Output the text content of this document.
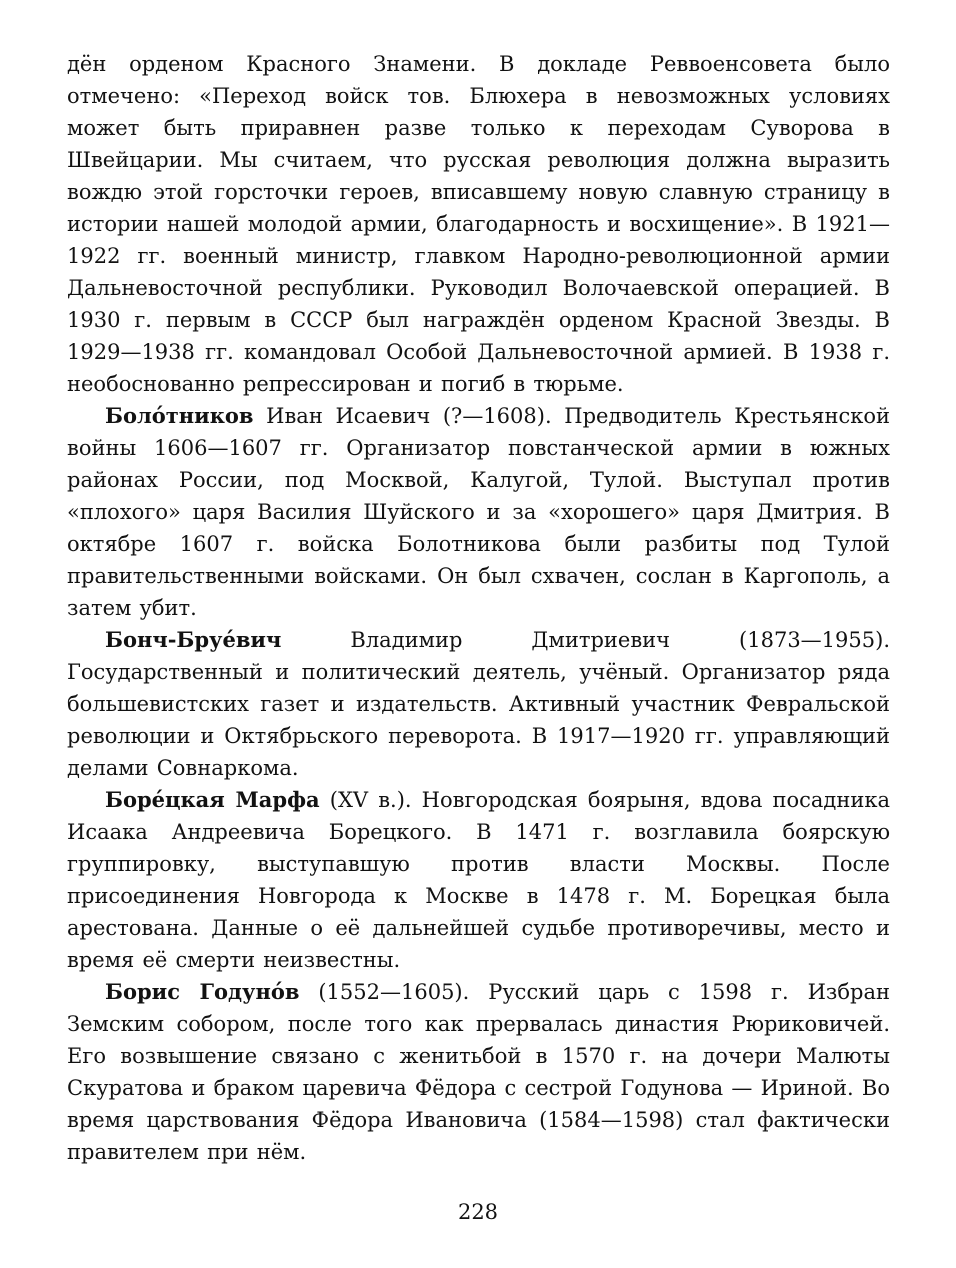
дён орденом Красного Знамени. В докладе Реввоенсовета было отмечено: «Переход войск тов. Блюхера в невозможных условиях может быть приравнен разве только к переходам Суворова в Швейцарии. Мы считаем, что русская революция должна выразить вождю этой горсточки героев, вписавшему новую славную страницу в истории нашей молодой армии, благодарность и восхищение». В 1921—1922 гг. военный министр, главком Народно-революционной армии Дальневосточной республики. Руководил Волочаевской операцией. В 1930 г. первым в СССР был награждён орденом Красной Звезды. В 1929—1938 гг. командовал Особой Дальневосточной армией. В 1938 г. необоснованно репрессирован и погиб в тюрьме.

Боло́тников Иван Исаевич (?—1608). Предводитель Крестьянской войны 1606—1607 гг. Организатор повстанческой армии в южных районах России, под Москвой, Калугой, Тулой. Выступал против «плохого» царя Василия Шуйского и за «хорошего» царя Дмитрия. В октябре 1607 г. войска Болотникова были разбиты под Тулой правительственными войсками. Он был схвачен, сослан в Каргополь, а затем убит.

Бонч-Бруе́вич Владимир Дмитриевич (1873—1955). Государственный и политический деятель, учёный. Организатор ряда большевистских газет и издательств. Активный участник Февральской революции и Октябрьского переворота. В 1917—1920 гг. управляющий делами Совнаркома.

Боре́цкая Марфа (XV в.). Новгородская боярыня, вдова посадника Исаака Андреевича Борецкого. В 1471 г. возглавила боярскую группировку, выступавшую против власти Москвы. После присоединения Новгорода к Москве в 1478 г. М. Борецкая была арестована. Данные о её дальнейшей судьбе противоречивы, место и время её смерти неизвестны.

Борис Годуно́в (1552—1605). Русский царь с 1598 г. Избран Земским собором, после того как прервалась династия Рюриковичей. Его возвышение связано с женитьбой в 1570 г. на дочери Малюты Скуратова и браком царевича Фёдора с сестрой Годунова — Ириной. Во время царствования Фёдора Ивановича (1584—1598) стал фактически правителем при нём.

228
